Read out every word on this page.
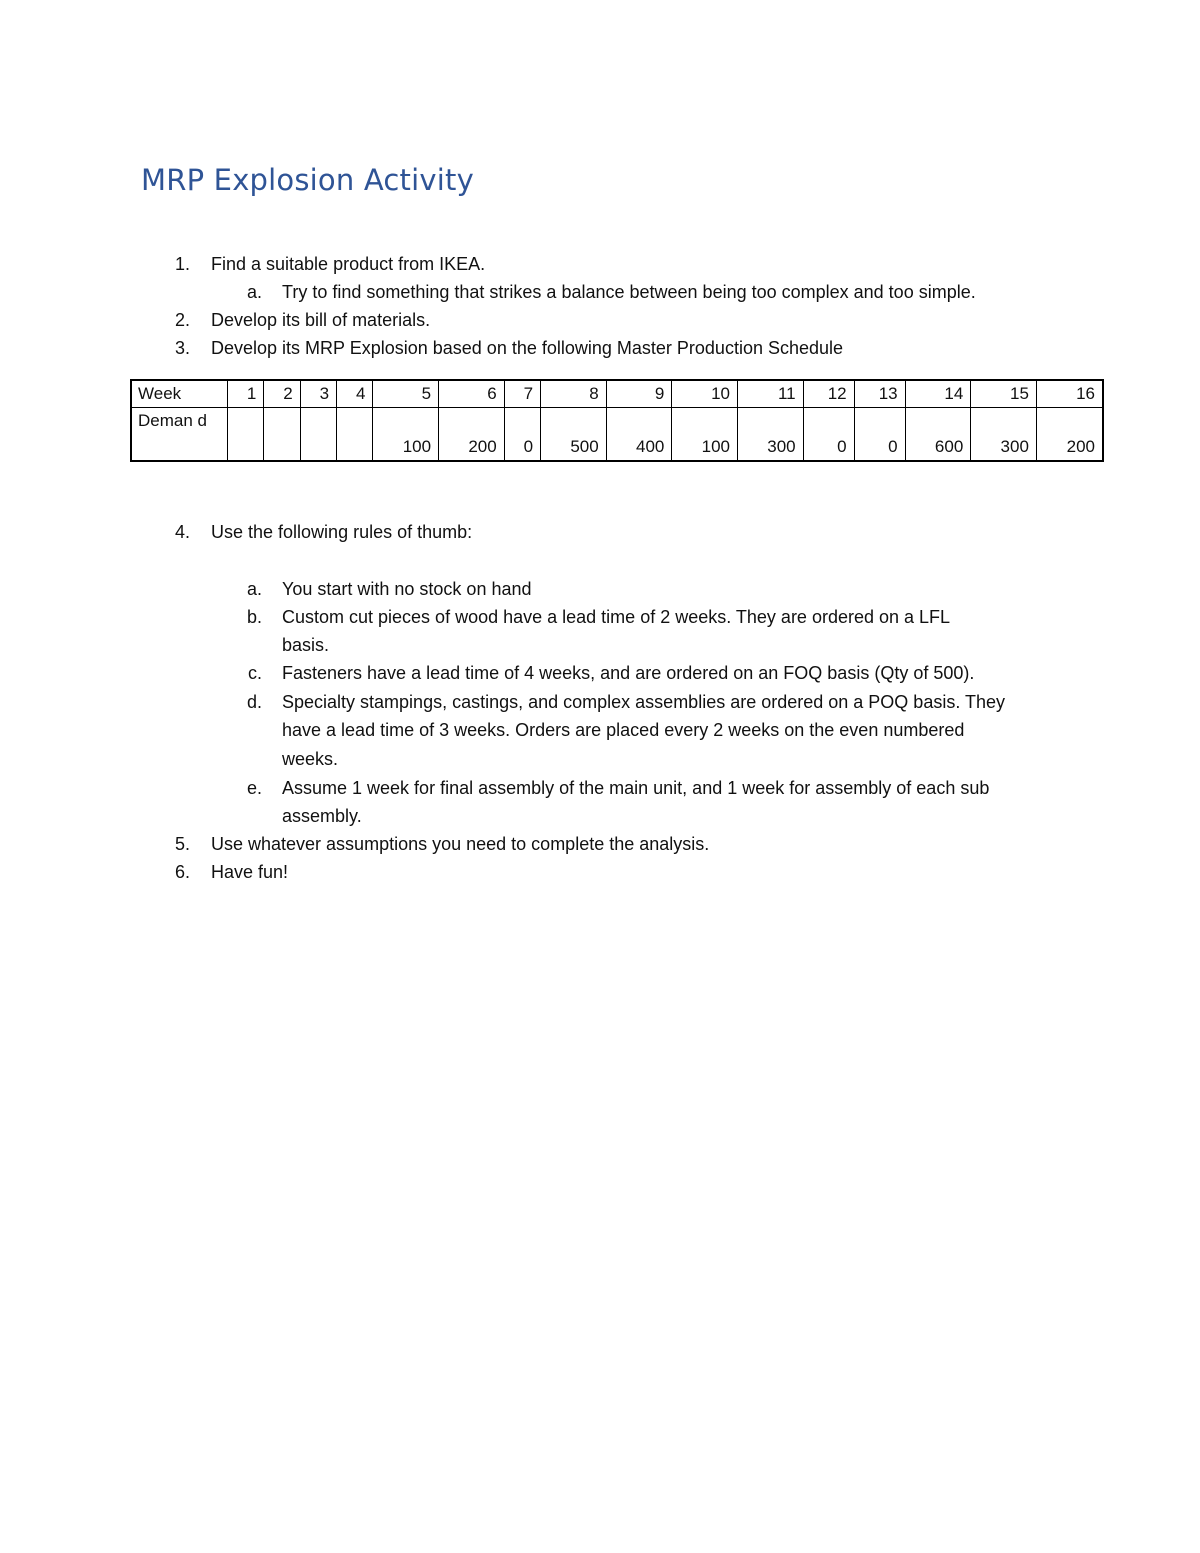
MRP Explosion Activity
1. Find a suitable product from IKEA.
a. Try to find something that strikes a balance between being too complex and too simple.
2. Develop its bill of materials.
3. Develop its MRP Explosion based on the following Master Production Schedule
Week	1	2	3	4	5	6	7	8	9	10	11	12	13	14	15	16
Deman d					100	200	0	500	400	100	300	0	0	600	300	200
4. Use the following rules of thumb:
a. You start with no stock on hand
b. Custom cut pieces of wood have a lead time of 2 weeks. They are ordered on a LFL
basis.
c. Fasteners have a lead time of 4 weeks, and are ordered on an FOQ basis (Qty of 500).
d. Specialty stampings, castings, and complex assemblies are ordered on a POQ basis. They
have a lead time of 3 weeks. Orders are placed every 2 weeks on the even numbered
weeks.
e. Assume 1 week for final assembly of the main unit, and 1 week for assembly of each sub
assembly.
5. Use whatever assumptions you need to complete the analysis.
6. Have fun!
